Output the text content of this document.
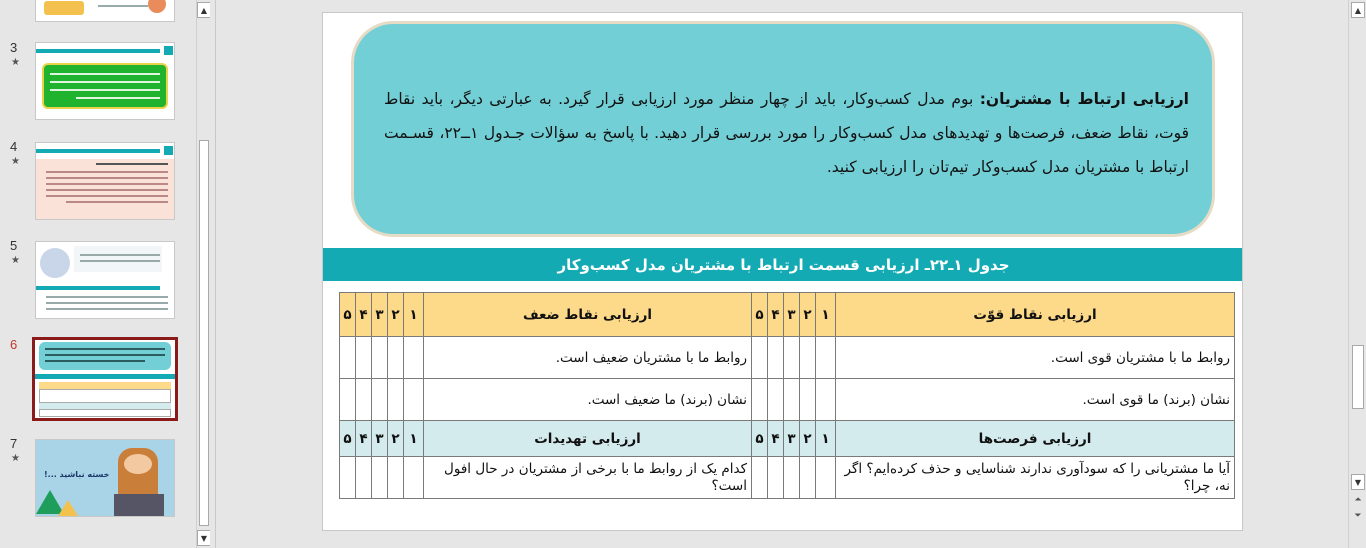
3
★
4
★
5
★
6
7
★
خسته نباشید ...!
▲
▼

ارزیابی ارتباط با مشتریان: بوم مدل کسب‌وکار، باید از چهار منظر مورد ارزیابی قرار گیرد. به عبارتی دیگر، باید نقاط قوت، نقاط ضعف، فرصت‌ها و تهدیدهای مدل کسب‌وکار را مورد بررسی قرار دهید. با پاسخ به سؤالات جـدول ۱ــ۲۲، قسـمت ارتباط با مشتریان مدل کسب‌وکار تیم‌تان را ارزیابی کنید.

جدول ۱ـ۲۲ـ ارزیابی قسمت ارتباط با مشتریان مدل کسب‌وکار
ارزیابی نقاط قوّت	۱	۲	۳	۴	۵	ارزیابی نقاط ضعف	۱	۲	۳	۴	۵
روابط ما با مشتریان قوی است.						روابط ما با مشتریان ضعیف است.					
نشان (برند) ما قوی است.						نشان (برند) ما ضعیف است.					
ارزیابی فرصت‌ها	۱	۲	۳	۴	۵	ارزیابی تهدیدات	۱	۲	۳	۴	۵
آیا ما مشتریانی را که سودآوری ندارند شناسایی و حذف کرده‌ایم؟ اگر نه، چرا؟						کدام یک از روابط ما با برخی از مشتریان در حال افول است؟					
▲
▼
⏶
⏷
